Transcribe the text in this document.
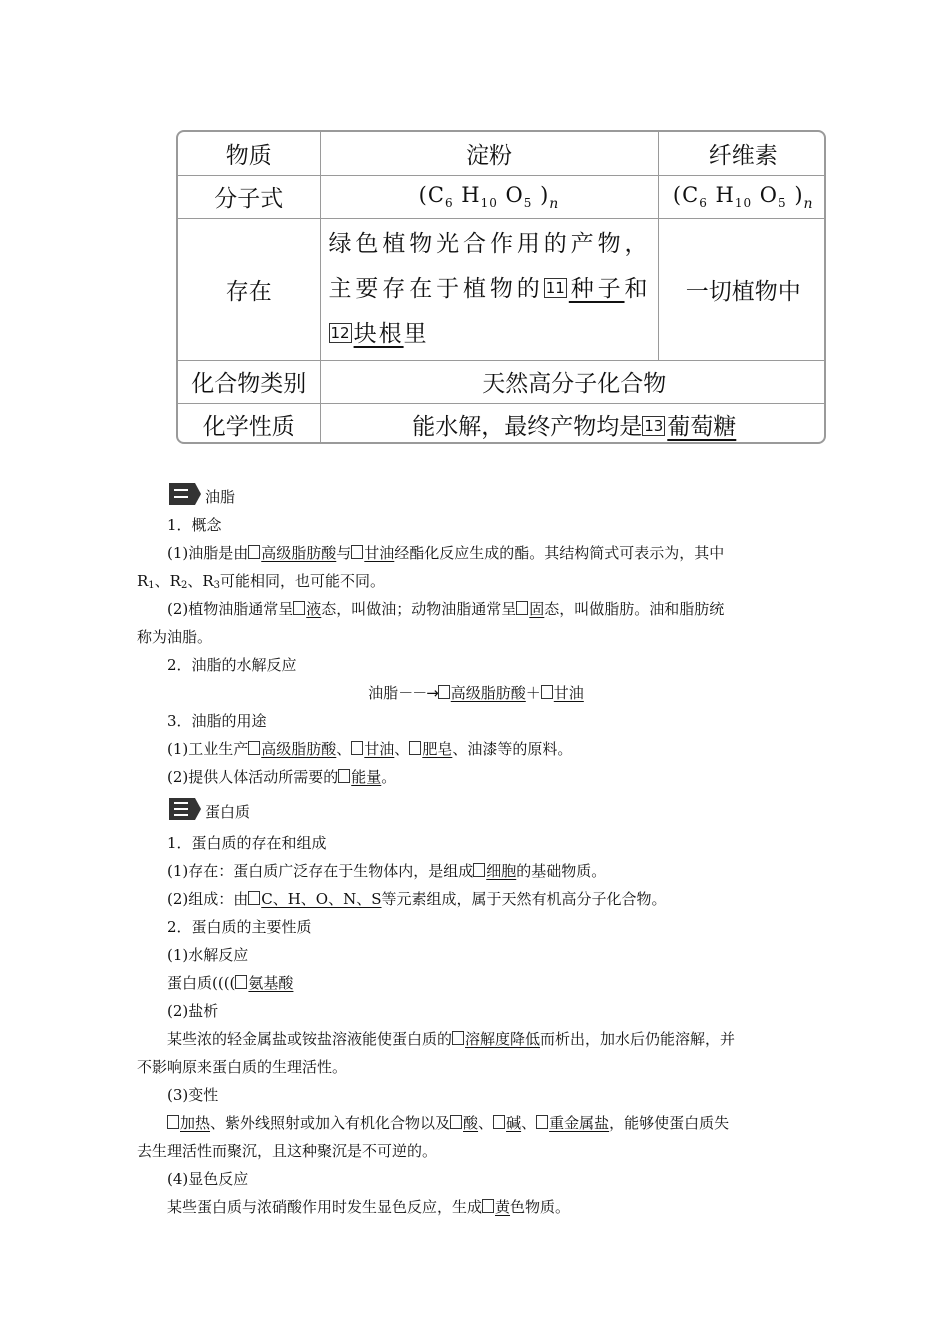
物质	淀粉	纤维素
分子式	($C_6$ $H_{10}$ $O_5$ )$_n$	($C_6$ $H_{10}$ $O_5$ )$_n$
存在	绿色植物光合作用的产物，主要存在于植物的 11 种子和12 块根里	一切植物中
化合物类别	天然高分子化合物	
化学性质	能水解，最终产物均是 13 葡萄糖	
油脂
1．概念
(1)油脂是由 高级脂肪酸与 甘油经酯化反应生成的酯。其结构简式可表示为，其中
$R_1$、$R_2$、$R_3$可能相同，也可能不同。
(2)植物油脂通常呈 液态，叫做油；动物油脂通常呈 固态，叫做脂肪。油和脂肪统
称为油脂。
2．油脂的水解反应
油脂－－→ 高级脂肪酸＋ 甘油
3．油脂的用途
(1)工业生产 高级脂肪酸、 甘油、 肥皂、油漆等的原料。
(2)提供人体活动所需要的 能量。
蛋白质
1．蛋白质的存在和组成
(1)存在：蛋白质广泛存在于生物体内，是组成 细胞的基础物质。
(2)组成：由 C、H、O、N、S等元素组成，属于天然有机高分子化合物。
2．蛋白质的主要性质
(1)水解反应
蛋白质(((( 氨基酸
(2)盐析
某些浓的轻金属盐或铵盐溶液能使蛋白质的 溶解度降低而析出，加水后仍能溶解，并
不影响原来蛋白质的生理活性。
(3)变性
加热、紫外线照射或加入有机化合物以及 酸、 碱、 重金属盐，能够使蛋白质失
去生理活性而聚沉，且这种聚沉是不可逆的。
(4)显色反应
某些蛋白质与浓硝酸作用时发生显色反应，生成 黄色物质。
